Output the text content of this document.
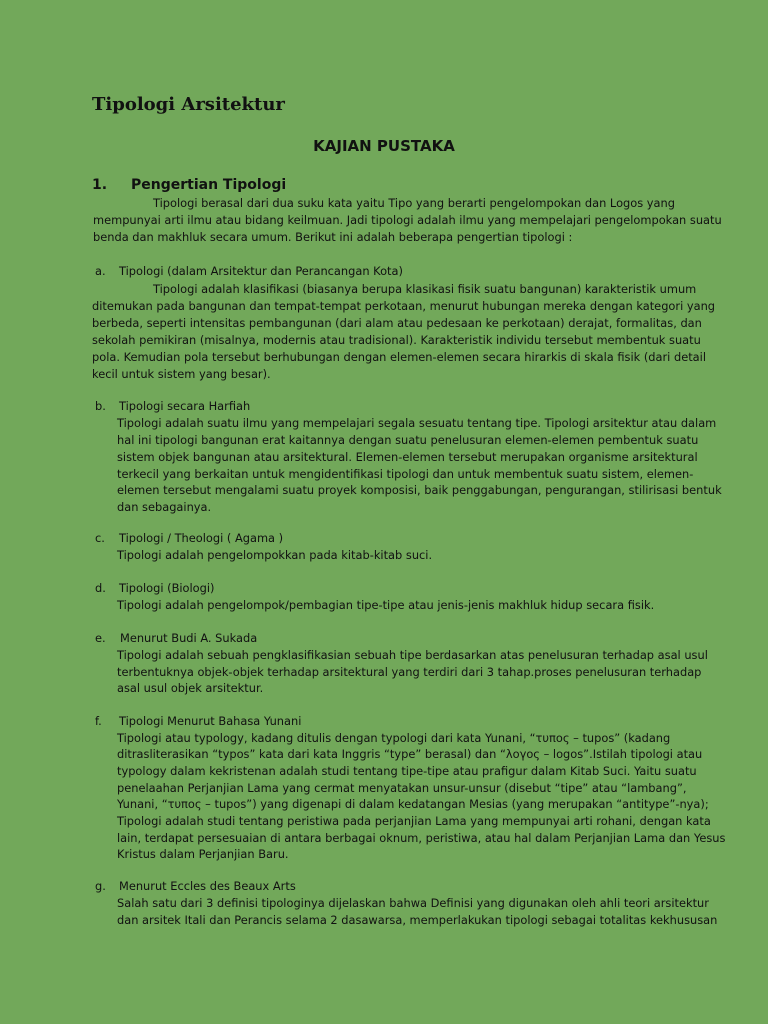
Tipologi Arsitektur
KAJIAN PUSTAKA
1. Pengertian Tipologi
Tipologi berasal dari dua suku kata yaitu Tipo yang berarti pengelompokan dan Logos yang
mempunyai arti ilmu atau bidang keilmuan. Jadi tipologi adalah ilmu yang mempelajari pengelompokan suatu
benda dan makhluk secara umum. Berikut ini adalah beberapa pengertian tipologi :
a. Tipologi (dalam Arsitektur dan Perancangan Kota)
Tipologi adalah klasifikasi (biasanya berupa klasikasi fisik suatu bangunan) karakteristik umum
ditemukan pada bangunan dan tempat-tempat perkotaan, menurut hubungan mereka dengan kategori yang
berbeda, seperti intensitas pembangunan (dari alam atau pedesaan ke perkotaan) derajat, formalitas, dan
sekolah pemikiran (misalnya, modernis atau tradisional). Karakteristik individu tersebut membentuk suatu
pola. Kemudian pola tersebut berhubungan dengan elemen-elemen secara hirarkis di skala fisik (dari detail
kecil untuk sistem yang besar).
b. Tipologi secara Harfiah
Tipologi adalah suatu ilmu yang mempelajari segala sesuatu tentang tipe. Tipologi arsitektur atau dalam
hal ini tipologi bangunan erat kaitannya dengan suatu penelusuran elemen-elemen pembentuk suatu
sistem objek bangunan atau arsitektural. Elemen-elemen tersebut merupakan organisme arsitektural
terkecil yang berkaitan untuk mengidentifikasi tipologi dan untuk membentuk suatu sistem, elemen-
elemen tersebut mengalami suatu proyek komposisi, baik penggabungan, pengurangan, stilirisasi bentuk
dan sebagainya.
c. Tipologi / Theologi ( Agama )
Tipologi adalah pengelompokkan pada kitab-kitab suci.
d. Tipologi (Biologi)
Tipologi adalah pengelompok/pembagian tipe-tipe atau jenis-jenis makhluk hidup secara fisik.
e. Menurut Budi A. Sukada
Tipologi adalah sebuah pengklasifikasian sebuah tipe berdasarkan atas penelusuran terhadap asal usul
terbentuknya objek-objek terhadap arsitektural yang terdiri dari 3 tahap.proses penelusuran terhadap
asal usul objek arsitektur.
f. Tipologi Menurut Bahasa Yunani
Tipologi atau typology, kadang ditulis dengan typologi dari kata Yunani, “τυπος – tupos” (kadang
ditrasliterasikan “typos” kata dari kata Inggris “type” berasal) dan “λογος – logos”.Istilah tipologi atau
typology dalam kekristenan adalah studi tentang tipe-tipe atau prafigur dalam Kitab Suci. Yaitu suatu
penelaahan Perjanjian Lama yang cermat menyatakan unsur-unsur (disebut “tipe” atau “lambang”,
Yunani, “τυπος – tupos”) yang digenapi di dalam kedatangan Mesias (yang merupakan “antitype”-nya);
Tipologi adalah studi tentang peristiwa pada perjanjian Lama yang mempunyai arti rohani, dengan kata
lain, terdapat persesuaian di antara berbagai oknum, peristiwa, atau hal dalam Perjanjian Lama dan Yesus
Kristus dalam Perjanjian Baru.
g. Menurut Eccles des Beaux Arts
Salah satu dari 3 definisi tipologinya dijelaskan bahwa Definisi yang digunakan oleh ahli teori arsitektur
dan arsitek Itali dan Perancis selama 2 dasawarsa, memperlakukan tipologi sebagai totalitas kekhususan
